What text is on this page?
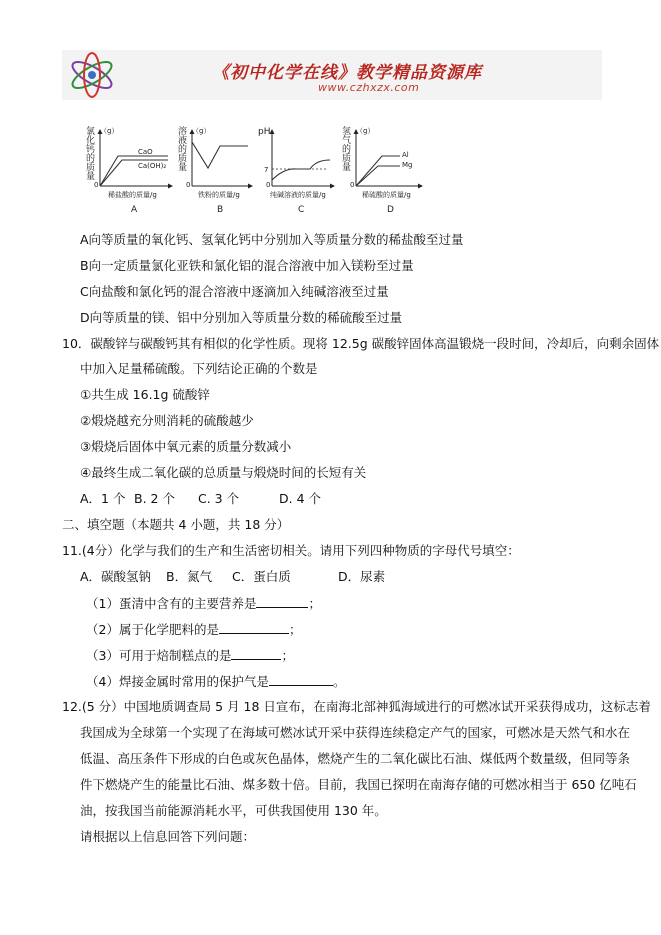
《初中化学在线》教学精品资源库
www.czhxzx.com
氯
化
钙
的
质
量
（g）
0
CaO
Ca(OH)₂
稀盐酸的质量/g
A
溶
液
的
质
量
（g）
0
铁粉的质量/g
B
pH
0
7
纯碱溶液的质量/g
C
氢
气
的
质
量
（g）
0
Al
Mg
稀硫酸的质量/g
D
A向等质量的氧化钙、氢氧化钙中分别加入等质量分数的稀盐酸至过量
B向一定质量氯化亚铁和氯化铝的混合溶液中加入镁粉至过量
C向盐酸和氯化钙的混合溶液中逐滴加入纯碱溶液至过量
D向等质量的镁、铝中分别加入等质量分数的稀硫酸至过量
10．碳酸锌与碳酸钙其有相似的化学性质。现将 12.5g 碳酸锌固体高温锻烧一段时间，冷却后，向剩余固体
中加入足量稀硫酸。下列结论正确的个数是
①共生成 16.1g 硫酸锌
②煅烧越充分则消耗的硫酸越少
③煅烧后固体中氧元素的质量分数减小
④最终生成二氧化碳的总质量与煅烧时间的长短有关
A．1 个 B. 2 个 C. 3 个	D. 4 个
二、填空题（本题共 4 小题，共 18 分）
11.(4分）化学与我们的生产和生活密切相关。请用下列四种物质的字母代号填空：
A．碳酸氢钠 B．氮气 C．蛋白质	D．尿素
（1）蛋清中含有的主要营养是	；
（2）属于化学肥料的是	；
（3）可用于焙制糕点的是	；
（4）焊接金属时常用的保护气是	。
12.(5 分）中国地质调查局 5 月 18 日宣布，在南海北部神狐海域进行的可燃冰试开采获得成功，这标志着
我国成为全球第一个实现了在海域可燃冰试开采中获得连续稳定产气的国家，可燃冰是天然气和水在
低温、高压条件下形成的白色或灰色晶体，燃烧产生的二氧化碳比石油、煤低两个数量级，但同等条
件下燃烧产生的能量比石油、煤多数十倍。目前，我国已探明在南海存储的可燃冰相当于 650 亿吨石
油，按我国当前能源消耗水平，可供我国使用 130 年。
请根据以上信息回答下列问题：
